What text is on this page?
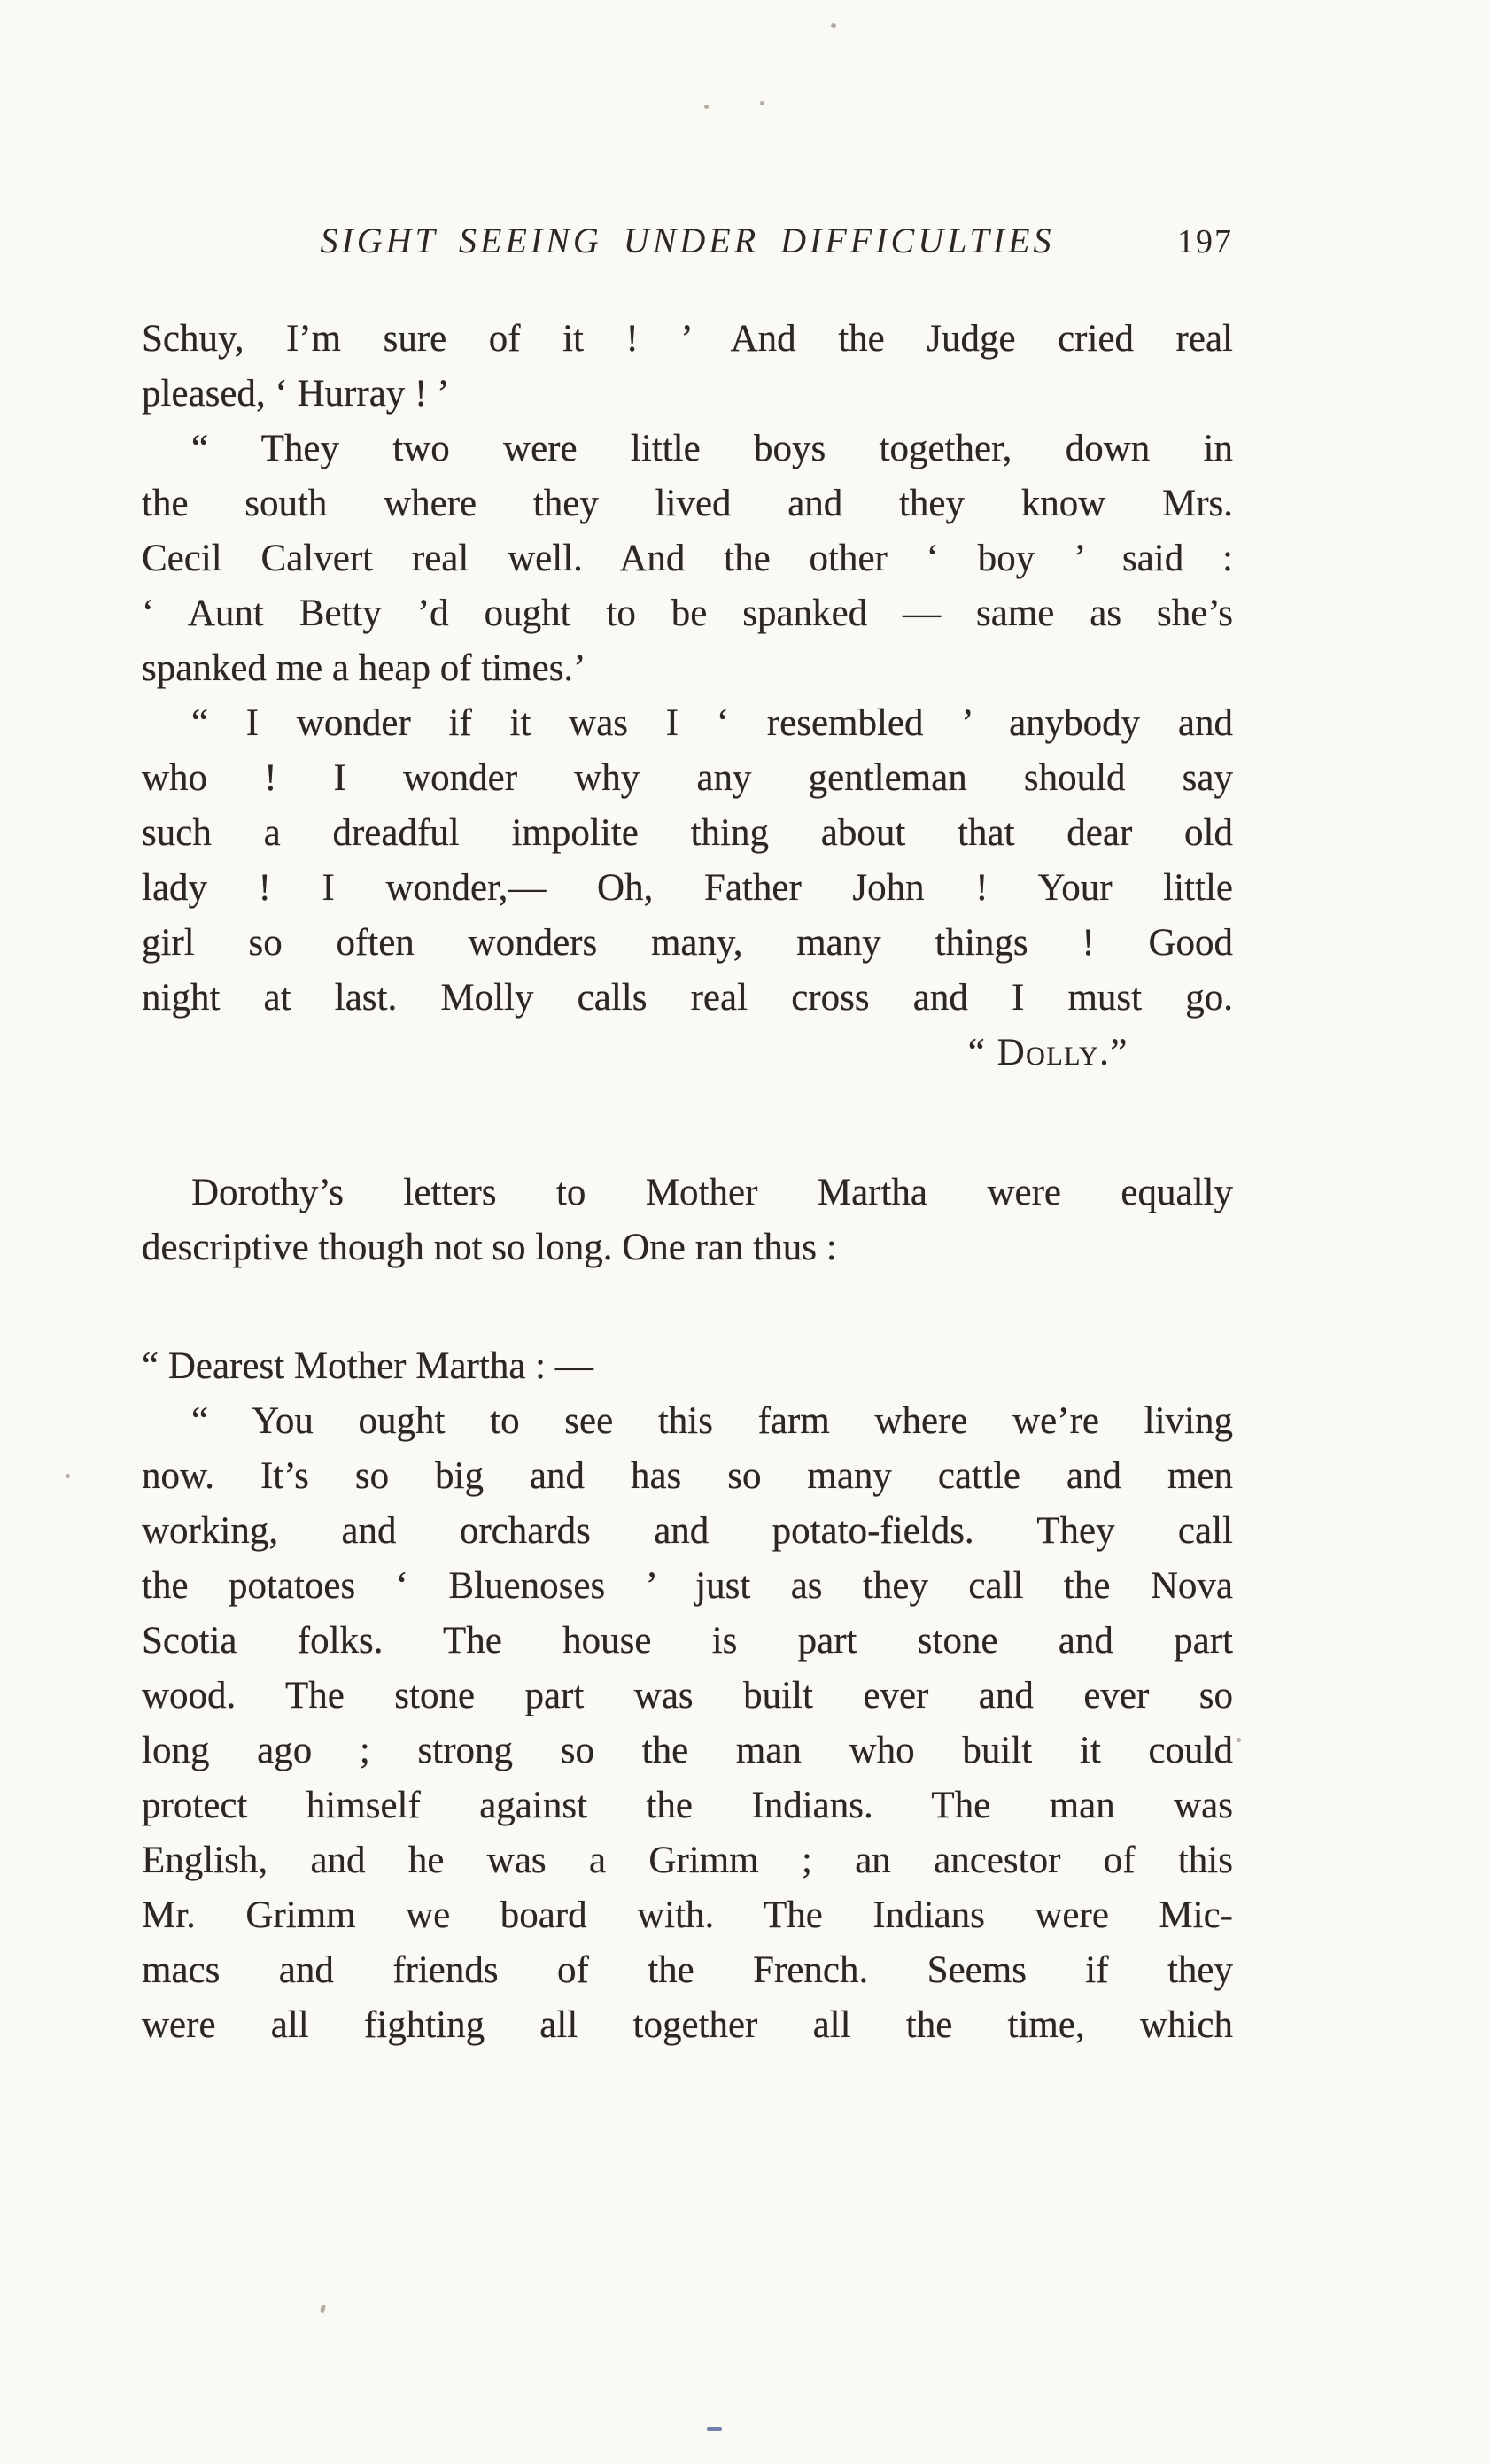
SIGHT SEEING UNDER DIFFICULTIES	197
Schuy, I’m sure of it ! ’ And the Judge cried real
pleased, ‘ Hurray ! ’
“ They two were little boys together, down in
the south where they lived and they know Mrs.
Cecil Calvert real well. And the other ‘ boy ’ said :
‘ Aunt Betty ’d ought to be spanked — same as she’s
spanked me a heap of times.’
“ I wonder if it was I ‘ resembled ’ anybody and
who ! I wonder why any gentleman should say
such a dreadful impolite thing about that dear old
lady ! I wonder,— Oh, Father John ! Your little
girl so often wonders many, many things ! Good
night at last. Molly calls real cross and I must go.
“ Dolly.”
Dorothy’s letters to Mother Martha were equally
descriptive though not so long. One ran thus :
“ Dearest Mother Martha : —
“ You ought to see this farm where we’re living
now. It’s so big and has so many cattle and men
working, and orchards and potato-fields. They call
the potatoes ‘ Bluenoses ’ just as they call the Nova
Scotia folks. The house is part stone and part
wood. The stone part was built ever and ever so
long ago ; strong so the man who built it could
protect himself against the Indians. The man was
English, and he was a Grimm ; an ancestor of this
Mr. Grimm we board with. The Indians were Mic-
macs and friends of the French. Seems if they
were all fighting all together all the time, which
